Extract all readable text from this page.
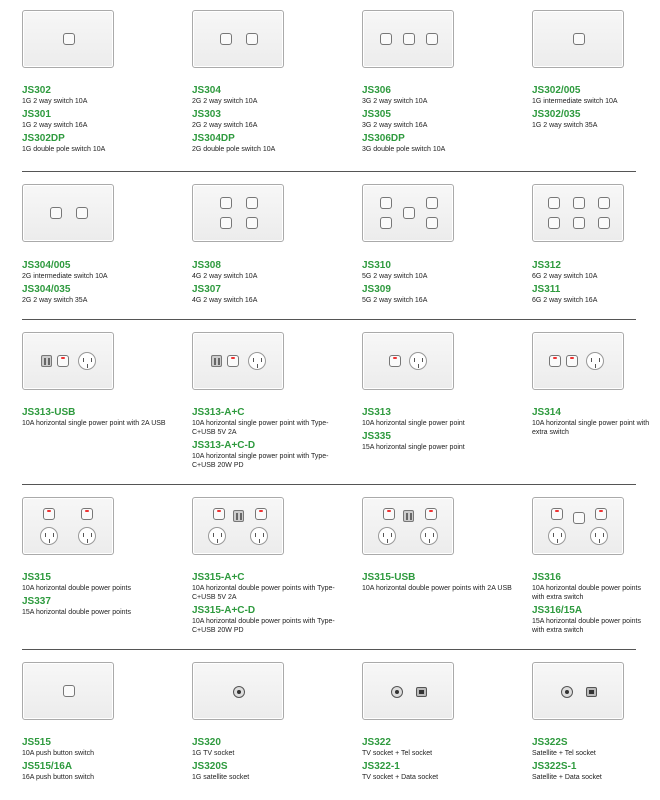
JS302
1G 2 way switch 10A
JS301
1G 2 way switch 16A
JS302DP
1G double pole switch 10A
JS304
2G 2 way switch 10A
JS303
2G 2 way switch 16A
JS304DP
2G double pole switch 10A
JS306
3G 2 way switch 10A
JS305
3G 2 way switch 16A
JS306DP
3G double pole switch 10A
JS302/005
1G intermediate switch 10A
JS302/035
1G 2 way switch 35A
JS304/005
2G intermediate switch 10A
JS304/035
2G 2 way switch 35A
JS308
4G 2 way switch 10A
JS307
4G 2 way switch 16A
JS310
5G 2 way switch 10A
JS309
5G 2 way switch 16A
JS312
6G 2 way switch 10A
JS311
6G 2 way switch 16A
JS313-USB
10A horizontal single power point with 2A USB
JS313-A+C
10A horizontal single power point with Type-C+USB 5V 2A
JS313-A+C-D
10A horizontal single power point with Type-C+USB 20W PD
JS313
10A horizontal single power point
JS335
15A horizontal single power point
JS314
10A horizontal single power point with extra switch
JS315
10A horizontal double power points
JS337
15A horizontal double power points
JS315-A+C
10A horizontal double power points with Type-C+USB 5V 2A
JS315-A+C-D
10A horizontal double power points with Type-C+USB 20W PD
JS315-USB
10A horizontal double power points with 2A USB
JS316
10A horizontal double power points with extra switch
JS316/15A
15A horizontal double power points with extra switch
JS515
10A push button switch
JS515/16A
16A push button switch
JS320
1G TV socket
JS320S
1G satellite socket
JS322
TV socket + Tel socket
JS322-1
TV socket + Data socket
JS322S
Satellite + Tel socket
JS322S-1
Satellite + Data socket
